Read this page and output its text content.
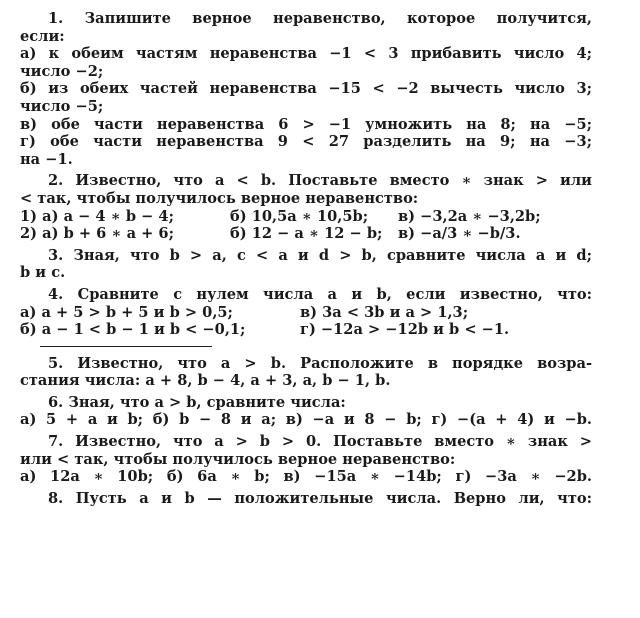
1. Запишите верное неравенство, которое получится,
если:
а) к обеим частям неравенства −1 < 3 прибавить число 4;
число −2;
б) из обеих частей неравенства −15 < −2 вычесть число 3;
число −5;
в) обе части неравенства 6 > −1 умножить на 8; на −5;
г) обе части неравенства 9 < 27 разделить на 9; на −3;
на −1.
2. Известно, что a < b. Поставьте вместо ∗ знак > или
< так, чтобы получилось верное неравенство:
1) а) a − 4 ∗ b − 4;	б) 10,5a ∗ 10,5b;	в) −3,2a ∗ −3,2b;
2) а) b + 6 ∗ a + 6;	б) 12 − a ∗ 12 − b;	в) −a/3 ∗ −b/3.
3. Зная, что b > a, c < a и d > b, сравните числа a и d;
b и c.
4. Сравните с нулем числа a и b, если известно, что:
а) a + 5 > b + 5 и b > 0,5;	в) 3a < 3b и a > 1,3;
б) a − 1 < b − 1 и b < −0,1;	г) −12a > −12b и b < −1.
5. Известно, что a > b. Расположите в порядке возра-
стания числа: a + 8, b − 4, a + 3, a, b − 1, b.
6. Зная, что a > b, сравните числа:
а) 5 + a и b; б) b − 8 и a; в) −a и 8 − b; г) −(a + 4) и −b.
7. Известно, что a > b > 0. Поставьте вместо ∗ знак >
или < так, чтобы получилось верное неравенство:
а) 12a ∗ 10b; б) 6a ∗ b; в) −15a ∗ −14b; г) −3a ∗ −2b.
8. Пусть a и b — положительные числа. Верно ли, что:
